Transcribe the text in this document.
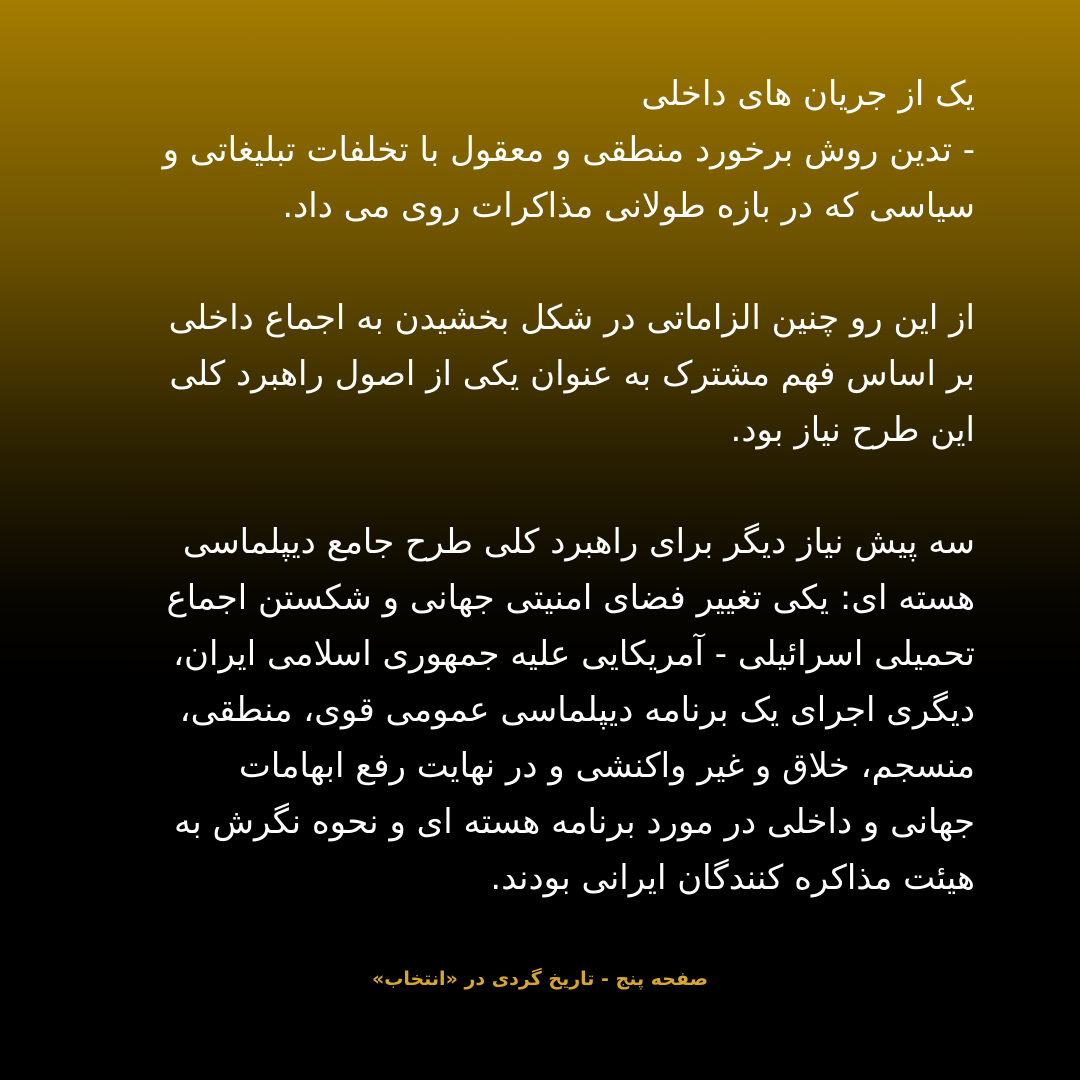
یک از جریان های داخلی
- تدین روش برخورد منطقی و معقول با تخلفات تبلیغاتی و
سیاسی که در بازه طولانی مذاکرات روی می داد.

از این رو چنین الزاماتی در شکل بخشیدن به اجماع داخلی
بر اساس فهم مشترک به عنوان یکی از اصول راهبرد کلی
این طرح نیاز بود.

سه پیش نیاز دیگر برای راهبرد کلی طرح جامع دیپلماسی
هسته ای: یکی تغییر فضای امنیتی جهانی و شکستن اجماع
تحمیلی اسرائیلی - آمریکایی علیه جمهوری اسلامی ایران،
دیگری اجرای یک برنامه دیپلماسی عمومی قوی، منطقی،
منسجم، خلاق و غیر واکنشی و در نهایت رفع ابهامات
جهانی و داخلی در مورد برنامه هسته ای و نحوه نگرش به
هیئت مذاکره کنندگان ایرانی بودند.

صفحه پنج - تاریخ گردی در «انتخاب»
